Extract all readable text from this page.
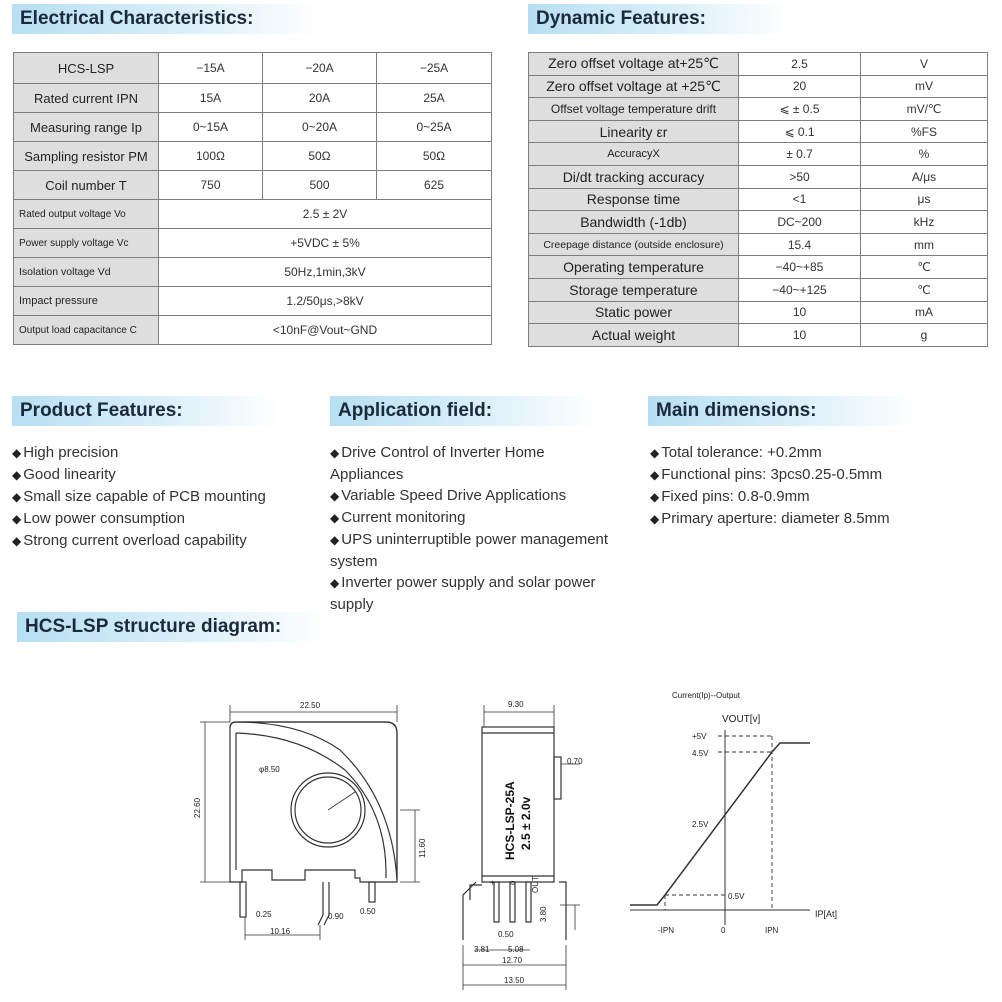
Electrical Characteristics:	Dynamic Features:
HCS-LSP	−15A	−20A	−25A
Rated current IPN	15A	20A	25A
Measuring range Ip	0~15A	0~20A	0~25A
Sampling resistor PM	100Ω	50Ω	50Ω
Coil number T	750	500	625
Rated output voltage Vo	2.5 ± 2V		
Power supply voltage Vc	+5VDC ± 5%		
Isolation voltage Vd	50Hz,1min,3kV		
Impact pressure	1.2/50μs,>8kV		
Output load capacitance C	<10nF@Vout~GND		
Zero offset voltage at+25℃	2.5	V
Zero offset voltage at +25℃	20	mV
Offset voltage temperature drift	⩽ ± 0.5	mV/℃
Linearity εr	⩽ 0.1	%FS
AccuracyX	± 0.7	%
Di/dt tracking accuracy	>50	A/μs
Response time	<1	μs
Bandwidth (-1db)	DC~200	kHz
Creepage distance (outside enclosure)	15.4	mm
Operating temperature	−40~+85	℃
Storage temperature	−40~+125	℃
Static power	10	mA
Actual weight	10	g
Product Features:	Application field:	Main dimensions:
◆ High precision
◆ Good linearity
◆ Small size capable of PCB mounting
◆ Low power consumption
◆ Strong current overload capability
◆ Drive Control of Inverter Home Appliances
◆ Variable Speed Drive Applications
◆ Current monitoring
◆ UPS uninterruptible power management system
◆ Inverter power supply and solar power supply
◆ Total tolerance: +0.2mm
◆ Functional pins: 3pcs0.25-0.5mm
◆ Fixed pins: 0.8-0.9mm
◆ Primary aperture: diameter 8.5mm
HCS-LSP structure diagram:
22.50
22.60
φ8.50
11.60
0.25
10.16
0.90
0.50
9.30
0.70
3.80
3.81
0.50
5.08
12.70
13.50
OUT
o
+
Current(Ip)--Output
VOUT[v]
IP[At]
+5V
4.5V
2.5V
0.5V
-IPN	0	IPN
HCS-LSP-25A 2.5 ± 2.0v
